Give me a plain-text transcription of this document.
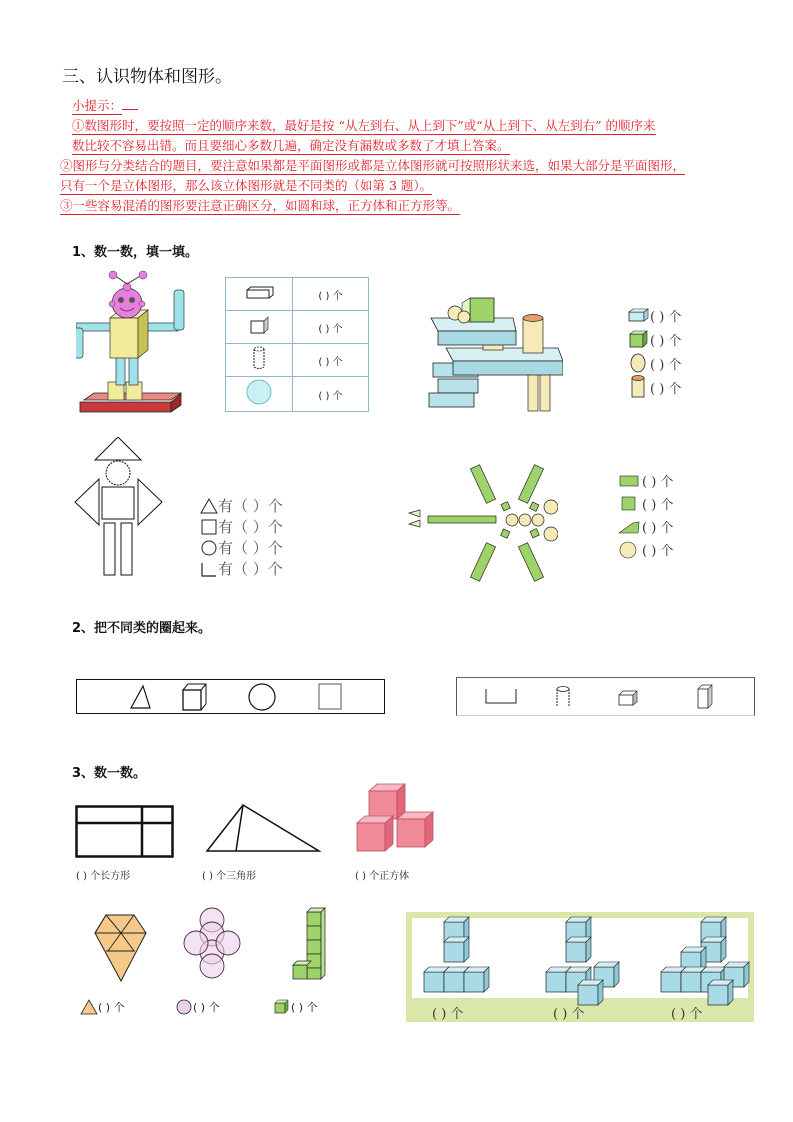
三、认识物体和图形。
小提示：
①数图形时，要按照一定的顺序来数，最好是按 “从左到右、从上到下”或“从上到下、从左到右” 的顺序来
数比较不容易出错。而且要细心多数几遍，确定没有漏数或多数了才填上答案。
②图形与分类结合的题目，要注意如果都是平面图形或都是立体图形就可按照形状来选，如果大部分是平面图形，
只有一个是立体图形，那么该立体图形就是不同类的（如第 3 题）。
③一些容易混淆的图形要注意正确区分，如圆和球，正方体和正方形等。
1、数一数，填一填。
	( ) 个
	( ) 个
	( ) 个
	( ) 个
( ) 个
( ) 个
( ) 个
( ) 个
有（ ）个
有（ ）个
有（ ）个
有（ ）个
( ) 个
( ) 个
( ) 个
( ) 个
2、把不同类的圈起来。
3、数一数。
( ) 个长方形	( ) 个三角形	( ) 个正方体
( ) 个	( ) 个	( ) 个	( ) 个	( ) 个	( ) 个
